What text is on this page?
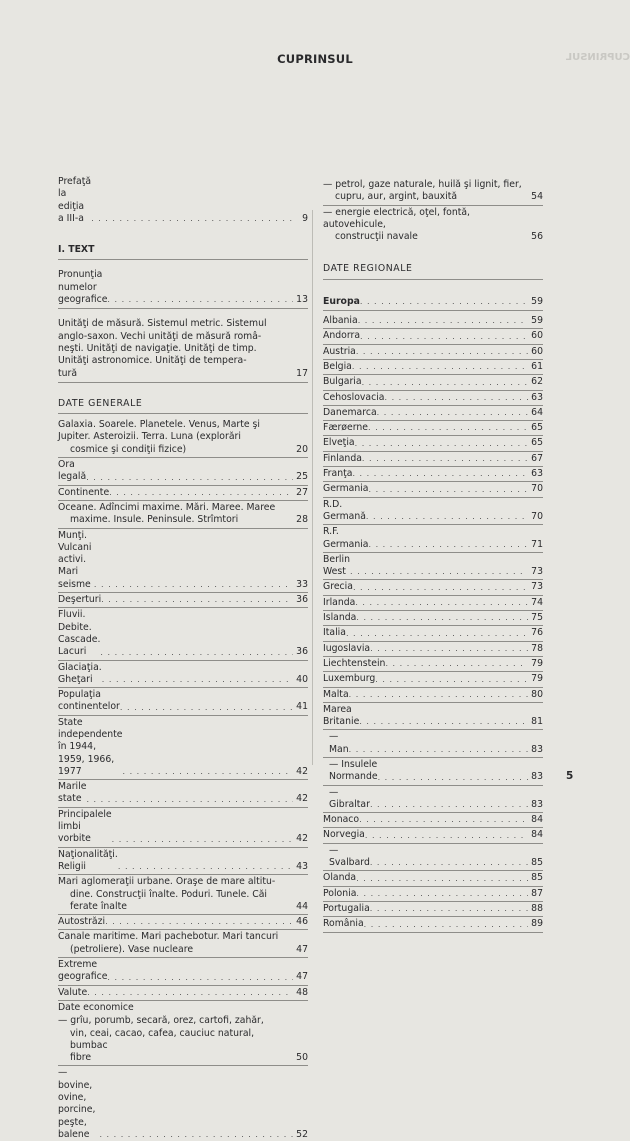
CUPRINSUL
CUPRINSUL
Prefaţă la ediţia a III-a . . .	9
I. TEXT
Pronunţia numelor geografice . . .	13
Unităţi de măsură. Sistemul metric. Sistemul
anglo-saxon. Vechi unităţi de măsură româ-
neşti. Unităţi de navigaţie. Unităţi de timp.
Unităţi astronomice. Unităţi de tempera-
tură	17
DATE GENERALE
Galaxia. Soarele. Planetele. Venus, Marte şi
Jupiter. Asteroizii. Terra. Luna (explorări
cosmice şi condiţii fizice)	20
Ora legală . . .	25
Continente . . .	27
Oceane. Adîncimi maxime. Mări. Maree. Maree
maxime. Insule. Peninsule. Strîmtori	28
Munţi. Vulcani activi. Mari seisme . . .	33
Deşerturi . . .	36
Fluvii. Debite. Cascade. Lacuri . . .	36
Glaciaţia. Gheţari . . .	40
Populaţia continentelor . . .	41
State independente în 1944, 1959, 1966, 1977 . . .	42
Marile state . . .	42
Principalele limbi vorbite . . .	42
Naţionalităţi. Religii . . .	43
Mari aglomeraţii urbane. Oraşe de mare altitu-
dine. Construcţii înalte. Poduri. Tunele. Căi
ferate înalte	44
Autostrăzi . . .	46
Canale maritime. Mari pachebotur. Mari tancuri
(petroliere). Vase nucleare	47
Extreme geografice . . .	47
Valute . . .	48
Date economice
— grîu, porumb, secară, orez, cartofi, zahăr,
vin, ceai, cacao, cafea, cauciuc natural, bumbac
fibre	50
— bovine, ovine, porcine, peşte, balene . . .	52
— petrol, gaze naturale, huilă şi lignit, fier,
cupru, aur, argint, bauxită	54
— energie electrică, oţel, fontă, autovehicule,
construcţii navale	56
DATE REGIONALE
Europa . . .	59
Albania . . .	59
Andorra . . .	60
Austria . . .	60
Belgia . . .	61
Bulgaria . . .	62
Cehoslovacia . . .	63
Danemarca . . .	64
Færøerne . . .	65
Elveţia . . .	65
Finlanda . . .	67
Franţa . . .	63
Germania . . .	70
R.D. Germană . . .	70
R.F. Germania . . .	71
Berlin West . . .	73
Grecia . . .	73
Irlanda . . .	74
Islanda . . .	75
Italia . . .	76
Iugoslavia . . .	78
Liechtenstein . . .	79
Luxemburg . . .	79
Malta . . .	80
Marea Britanie . . .	81
— Man . . .	83
— Insulele Normande . . .	83
— Gibraltar . . .	83
Monaco . . .	84
Norvegia . . .	84
— Svalbard . . .	85
Olanda . . .	85
Polonia . . .	87
Portugalia . . .	88
România . . .	89
5
